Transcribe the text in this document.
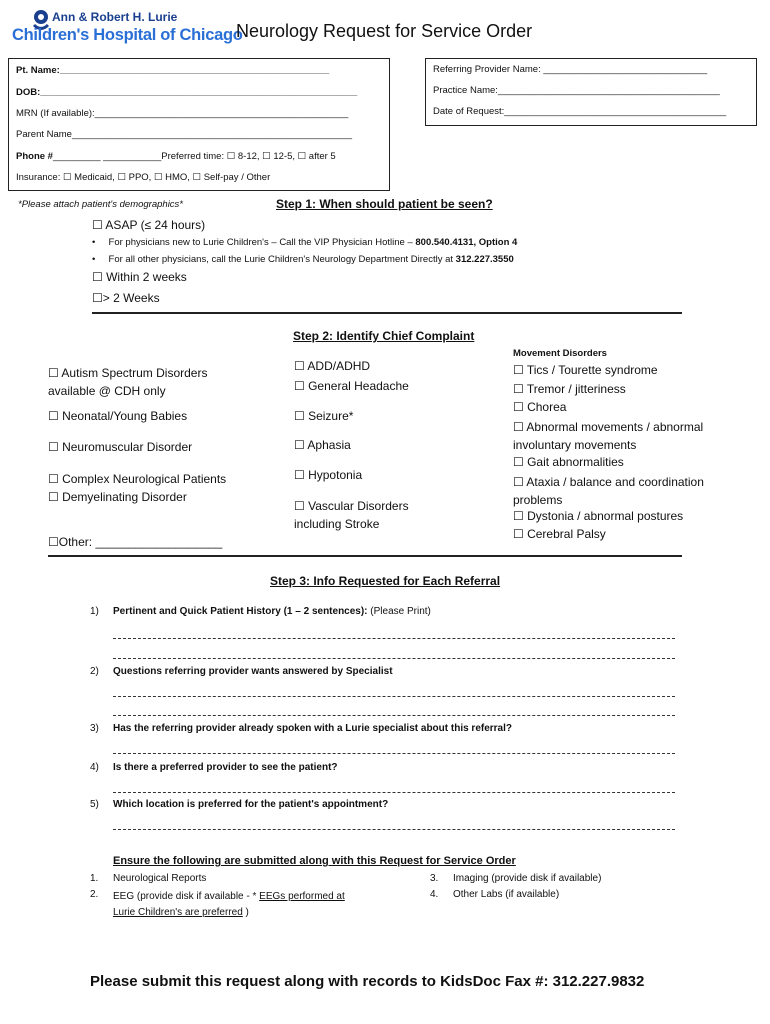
Ann & Robert H. Lurie
Children's Hospital of Chicago
Neurology Request for Service Order
Pt. Name:___________________________________________________
DOB:____________________________________________________________
MRN (If available):________________________________________________
Parent Name_____________________________________________________
Phone #_________ ___________Preferred time: ☐ 8-12, ☐ 12-5, ☐ after 5
Insurance: ☐ Medicaid, ☐ PPO, ☐ HMO, ☐ Self-pay / Other
Referring Provider Name: _______________________________
Practice Name:__________________________________________
Date of Request:__________________________________________
*Please attach patient's demographics*	Step 1: When should patient be seen?
☐ ASAP (≤ 24 hours)
•     For physicians new to Lurie Children's – Call the VIP Physician Hotline – 800.540.4131, Option 4
•     For all other physicians, call the Lurie Children's Neurology Department Directly at 312.227.3550
☐ Within 2 weeks
☐> 2 Weeks
Step 2: Identify Chief Complaint
☐ Autism Spectrum Disorders available @ CDH only
☐ Neonatal/Young Babies
☐ Neuromuscular Disorder
☐ Complex Neurological Patients
☐ Demyelinating Disorder
☐Other: ___________________
☐ ADD/ADHD
☐ General Headache
☐ Seizure*
☐ Aphasia
☐ Hypotonia
☐ Vascular Disorders including Stroke
Movement Disorders
☐ Tics / Tourette syndrome
☐ Tremor / jitteriness
☐ Chorea
☐ Abnormal movements / abnormal involuntary movements
☐ Gait abnormalities
☐ Ataxia / balance and coordination problems
☐ Dystonia / abnormal postures
☐ Cerebral Palsy
Step 3: Info Requested for Each Referral
1) Pertinent and Quick Patient History (1 – 2 sentences): (Please Print)
2) Questions referring provider wants answered by Specialist
3) Has the referring provider already spoken with a Lurie specialist about this referral?
4) Is there a preferred provider to see the patient?
5) Which location is preferred for the patient's appointment?
Ensure the following are submitted along with this Request for Service Order
1. Neurological Reports
2. EEG (provide disk if available - * EEGs performed at
Lurie Children's are preferred )
3. Imaging (provide disk if available)
4. Other Labs (if available)
Please submit this request along with records to KidsDoc Fax #: 312.227.9832
